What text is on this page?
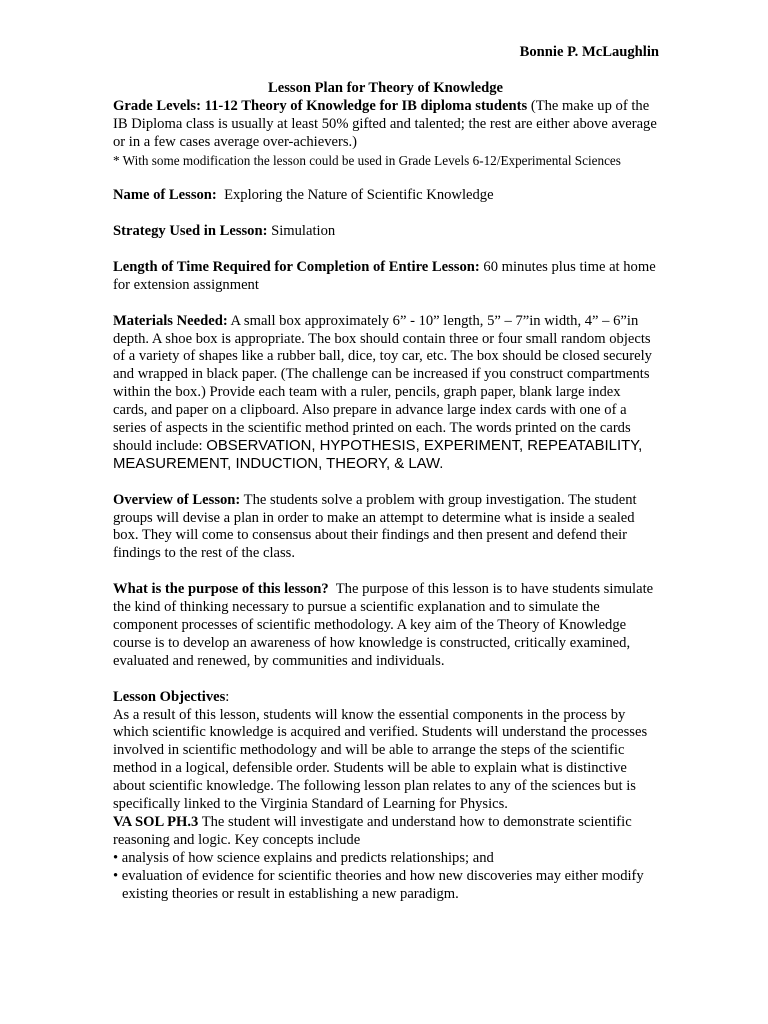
Bonnie P. McLaughlin

Lesson Plan for Theory of Knowledge

Grade Levels: 11-12 Theory of Knowledge for IB diploma students (The make up of the IB Diploma class is usually at least 50% gifted and talented; the rest are either above average or in a few cases average over-achievers.)

* With some modification the lesson could be used in Grade Levels 6-12/Experimental Sciences

Name of Lesson: Exploring the Nature of Scientific Knowledge

Strategy Used in Lesson: Simulation

Length of Time Required for Completion of Entire Lesson: 60 minutes plus time at home for extension assignment

Materials Needed: A small box approximately 6” - 10” length, 5” – 7”in width, 4” – 6”in depth. A shoe box is appropriate. The box should contain three or four small random objects of a variety of shapes like a rubber ball, dice, toy car, etc. The box should be closed securely and wrapped in black paper. (The challenge can be increased if you construct compartments within the box.) Provide each team with a ruler, pencils, graph paper, blank large index cards, and paper on a clipboard. Also prepare in advance large index cards with one of a series of aspects in the scientific method printed on each. The words printed on the cards should include: OBSERVATION, HYPOTHESIS, EXPERIMENT, REPEATABILITY, MEASUREMENT, INDUCTION, THEORY, & LAW.

Overview of Lesson: The students solve a problem with group investigation. The student groups will devise a plan in order to make an attempt to determine what is inside a sealed box. They will come to consensus about their findings and then present and defend their findings to the rest of the class.

What is the purpose of this lesson? The purpose of this lesson is to have students simulate the kind of thinking necessary to pursue a scientific explanation and to simulate the component processes of scientific methodology. A key aim of the Theory of Knowledge course is to develop an awareness of how knowledge is constructed, critically examined, evaluated and renewed, by communities and individuals.

Lesson Objectives:

As a result of this lesson, students will know the essential components in the process by which scientific knowledge is acquired and verified. Students will understand the processes involved in scientific methodology and will be able to arrange the steps of the scientific method in a logical, defensible order. Students will be able to explain what is distinctive about scientific knowledge. The following lesson plan relates to any of the sciences but is specifically linked to the Virginia Standard of Learning for Physics.

VA SOL PH.3 The student will investigate and understand how to demonstrate scientific reasoning and logic. Key concepts include

• analysis of how science explains and predicts relationships; and

• evaluation of evidence for scientific theories and how new discoveries may either modify existing theories or result in establishing a new paradigm.
